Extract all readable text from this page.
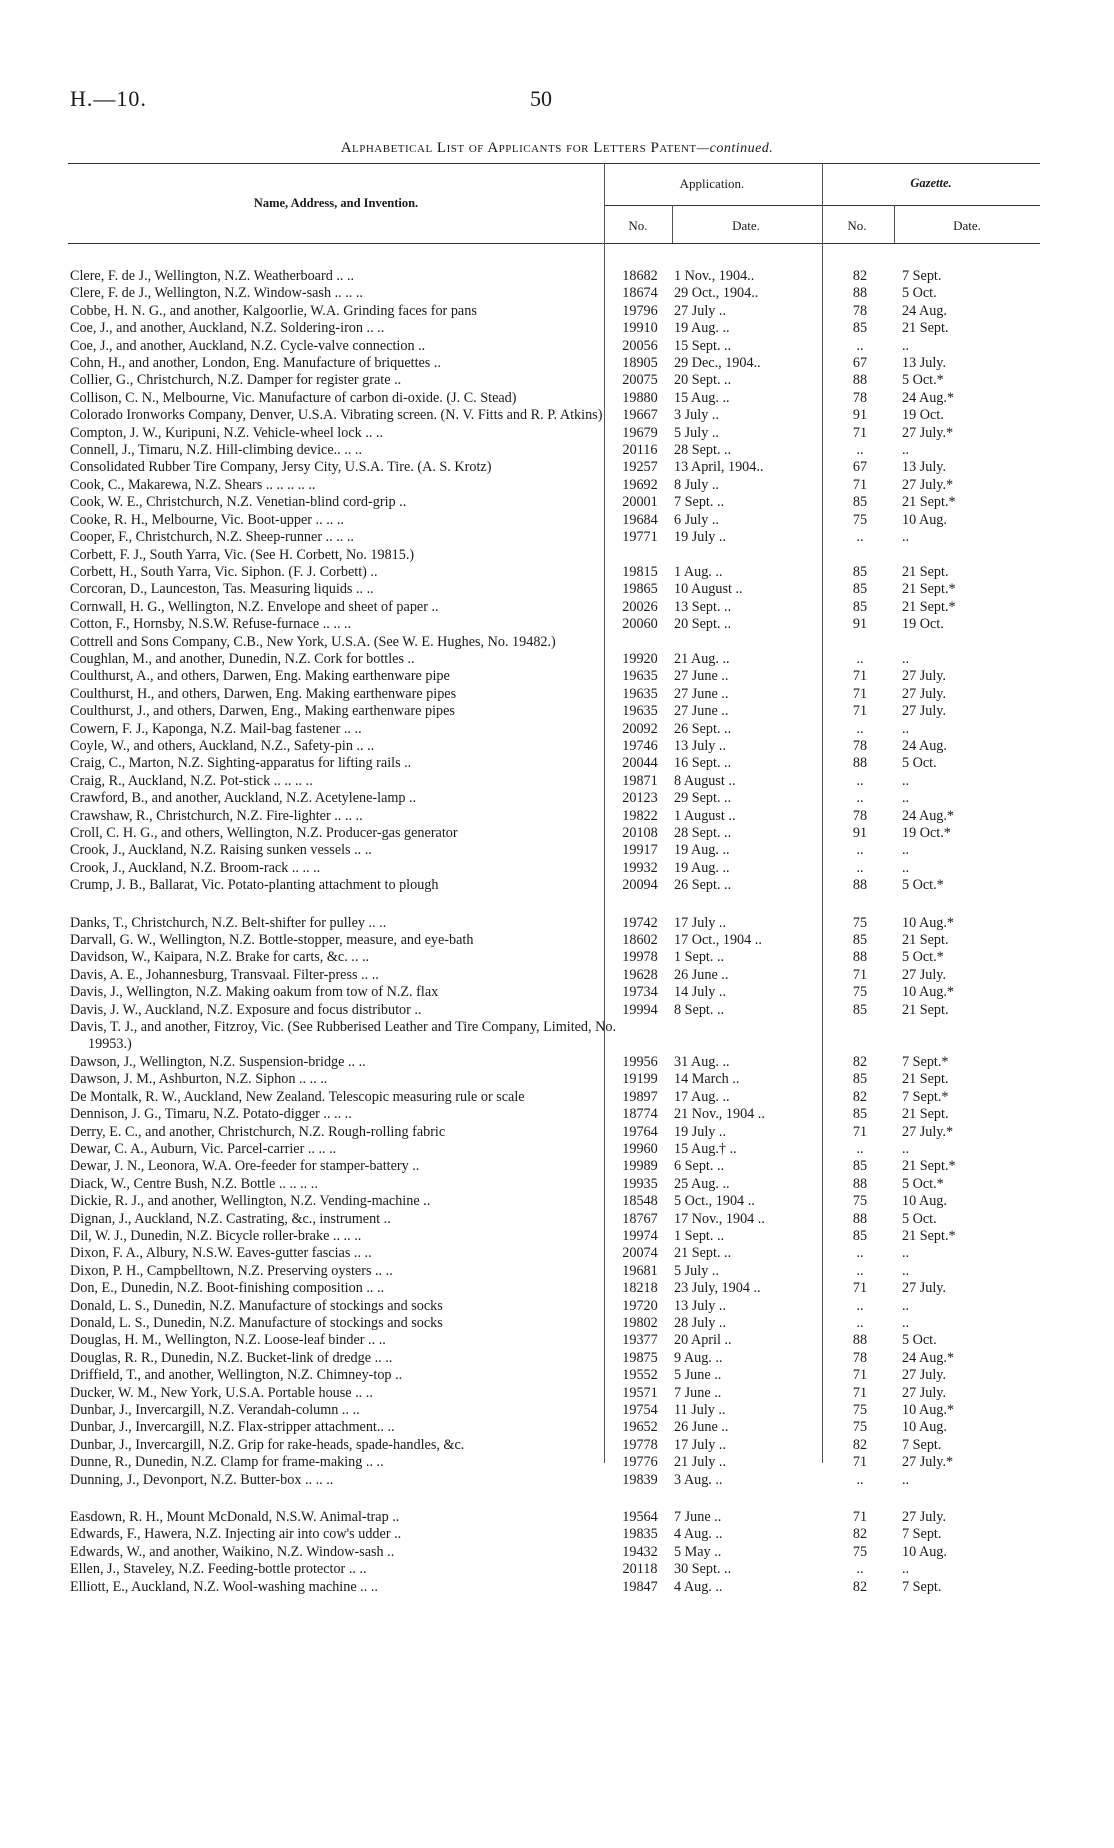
H.—10.	50
Alphabetical List of Applicants for Letters Patent—continued.
Name, Address, and Invention.
Application.	Gazette.
No.	Date.	No.	Date.
Clere, F. de J., Wellington, N.Z. Weatherboard .. ..	18682	1 Nov., 1904..	82	7 Sept.
Clere, F. de J., Wellington, N.Z. Window-sash .. .. ..	18674	29 Oct., 1904..	88	5 Oct.
Cobbe, H. N. G., and another, Kalgoorlie, W.A. Grinding faces for pans	19796	27 July ..	78	24 Aug.
Coe, J., and another, Auckland, N.Z. Soldering-iron .. ..	19910	19 Aug. ..	85	21 Sept.
Coe, J., and another, Auckland, N.Z. Cycle-valve connection ..	20056	15 Sept. ..	..	..
Cohn, H., and another, London, Eng. Manufacture of briquettes ..	18905	29 Dec., 1904..	67	13 July.
Collier, G., Christchurch, N.Z. Damper for register grate ..	20075	20 Sept. ..	88	5 Oct.*
Collison, C. N., Melbourne, Vic. Manufacture of carbon di-oxide. (J. C. Stead)	19880	15 Aug. ..	78	24 Aug.*
Colorado Ironworks Company, Denver, U.S.A. Vibrating screen. (N. V. Fitts and R. P. Atkins)	19667	3 July ..	91	19 Oct.
Compton, J. W., Kuripuni, N.Z. Vehicle-wheel lock .. ..	19679	5 July ..	71	27 July.*
Connell, J., Timaru, N.Z. Hill-climbing device.. .. ..	20116	28 Sept. ..	..	..
Consolidated Rubber Tire Company, Jersy City, U.S.A. Tire. (A. S. Krotz)	19257	13 April, 1904..	67	13 July.
Cook, C., Makarewa, N.Z. Shears .. .. .. .. ..	19692	8 July ..	71	27 July.*
Cook, W. E., Christchurch, N.Z. Venetian-blind cord-grip ..	20001	7 Sept. ..	85	21 Sept.*
Cooke, R. H., Melbourne, Vic. Boot-upper .. .. ..	19684	6 July ..	75	10 Aug.
Cooper, F., Christchurch, N.Z. Sheep-runner .. .. ..	19771	19 July ..	..	..
Corbett, F. J., South Yarra, Vic. (See H. Corbett, No. 19815.)
Corbett, H., South Yarra, Vic. Siphon. (F. J. Corbett) ..	19815	1 Aug. ..	85	21 Sept.
Corcoran, D., Launceston, Tas. Measuring liquids .. ..	19865	10 August ..	85	21 Sept.*
Cornwall, H. G., Wellington, N.Z. Envelope and sheet of paper ..	20026	13 Sept. ..	85	21 Sept.*
Cotton, F., Hornsby, N.S.W. Refuse-furnace .. .. ..	20060	20 Sept. ..	91	19 Oct.
Cottrell and Sons Company, C.B., New York, U.S.A. (See W. E. Hughes, No. 19482.)
Coughlan, M., and another, Dunedin, N.Z. Cork for bottles ..	19920	21 Aug. ..	..	..
Coulthurst, A., and others, Darwen, Eng. Making earthenware pipe	19635	27 June ..	71	27 July.
Coulthurst, H., and others, Darwen, Eng. Making earthenware pipes	19635	27 June ..	71	27 July.
Coulthurst, J., and others, Darwen, Eng., Making earthenware pipes	19635	27 June ..	71	27 July.
Cowern, F. J., Kaponga, N.Z. Mail-bag fastener .. ..	20092	26 Sept. ..	..	..
Coyle, W., and others, Auckland, N.Z., Safety-pin .. ..	19746	13 July ..	78	24 Aug.
Craig, C., Marton, N.Z. Sighting-apparatus for lifting rails ..	20044	16 Sept. ..	88	5 Oct.
Craig, R., Auckland, N.Z. Pot-stick .. .. .. ..	19871	8 August ..	..	..
Crawford, B., and another, Auckland, N.Z. Acetylene-lamp ..	20123	29 Sept. ..	..	..
Crawshaw, R., Christchurch, N.Z. Fire-lighter .. .. ..	19822	1 August ..	78	24 Aug.*
Croll, C. H. G., and others, Wellington, N.Z. Producer-gas generator	20108	28 Sept. ..	91	19 Oct.*
Crook, J., Auckland, N.Z. Raising sunken vessels .. ..	19917	19 Aug. ..	..	..
Crook, J., Auckland, N.Z. Broom-rack .. .. ..	19932	19 Aug. ..	..	..
Crump, J. B., Ballarat, Vic. Potato-planting attachment to plough	20094	26 Sept. ..	88	5 Oct.*
Danks, T., Christchurch, N.Z. Belt-shifter for pulley .. ..	19742	17 July ..	75	10 Aug.*
Darvall, G. W., Wellington, N.Z. Bottle-stopper, measure, and eye-bath	18602	17 Oct., 1904 ..	85	21 Sept.
Davidson, W., Kaipara, N.Z. Brake for carts, &c. .. ..	19978	1 Sept. ..	88	5 Oct.*
Davis, A. E., Johannesburg, Transvaal. Filter-press .. ..	19628	26 June ..	71	27 July.
Davis, J., Wellington, N.Z. Making oakum from tow of N.Z. flax	19734	14 July ..	75	10 Aug.*
Davis, J. W., Auckland, N.Z. Exposure and focus distributor ..	19994	8 Sept. ..	85	21 Sept.
Davis, T. J., and another, Fitzroy, Vic. (See Rubberised Leather and Tire Company, Limited, No. 19953.)
Dawson, J., Wellington, N.Z. Suspension-bridge .. ..	19956	31 Aug. ..	82	7 Sept.*
Dawson, J. M., Ashburton, N.Z. Siphon .. .. ..	19199	14 March ..	85	21 Sept.
De Montalk, R. W., Auckland, New Zealand. Telescopic measuring rule or scale	19897	17 Aug. ..	82	7 Sept.*
Dennison, J. G., Timaru, N.Z. Potato-digger .. .. ..	18774	21 Nov., 1904 ..	85	21 Sept.
Derry, E. C., and another, Christchurch, N.Z. Rough-rolling fabric	19764	19 July ..	71	27 July.*
Dewar, C. A., Auburn, Vic. Parcel-carrier .. .. ..	19960	15 Aug.† ..	..	..
Dewar, J. N., Leonora, W.A. Ore-feeder for stamper-battery ..	19989	6 Sept. ..	85	21 Sept.*
Diack, W., Centre Bush, N.Z. Bottle .. .. .. ..	19935	25 Aug. ..	88	5 Oct.*
Dickie, R. J., and another, Wellington, N.Z. Vending-machine ..	18548	5 Oct., 1904 ..	75	10 Aug.
Dignan, J., Auckland, N.Z. Castrating, &c., instrument ..	18767	17 Nov., 1904 ..	88	5 Oct.
Dil, W. J., Dunedin, N.Z. Bicycle roller-brake .. .. ..	19974	1 Sept. ..	85	21 Sept.*
Dixon, F. A., Albury, N.S.W. Eaves-gutter fascias .. ..	20074	21 Sept. ..	..	..
Dixon, P. H., Campbelltown, N.Z. Preserving oysters .. ..	19681	5 July ..	..	..
Don, E., Dunedin, N.Z. Boot-finishing composition .. ..	18218	23 July, 1904 ..	71	27 July.
Donald, L. S., Dunedin, N.Z. Manufacture of stockings and socks	19720	13 July ..	..	..
Donald, L. S., Dunedin, N.Z. Manufacture of stockings and socks	19802	28 July ..	..	..
Douglas, H. M., Wellington, N.Z. Loose-leaf binder .. ..	19377	20 April ..	88	5 Oct.
Douglas, R. R., Dunedin, N.Z. Bucket-link of dredge .. ..	19875	9 Aug. ..	78	24 Aug.*
Driffield, T., and another, Wellington, N.Z. Chimney-top ..	19552	5 June ..	71	27 July.
Ducker, W. M., New York, U.S.A. Portable house .. ..	19571	7 June ..	71	27 July.
Dunbar, J., Invercargill, N.Z. Verandah-column .. ..	19754	11 July ..	75	10 Aug.*
Dunbar, J., Invercargill, N.Z. Flax-stripper attachment.. ..	19652	26 June ..	75	10 Aug.
Dunbar, J., Invercargill, N.Z. Grip for rake-heads, spade-handles, &c.	19778	17 July ..	82	7 Sept.
Dunne, R., Dunedin, N.Z. Clamp for frame-making .. ..	19776	21 July ..	71	27 July.*
Dunning, J., Devonport, N.Z. Butter-box .. .. ..	19839	3 Aug. ..	..	..
Easdown, R. H., Mount McDonald, N.S.W. Animal-trap ..	19564	7 June ..	71	27 July.
Edwards, F., Hawera, N.Z. Injecting air into cow's udder ..	19835	4 Aug. ..	82	7 Sept.
Edwards, W., and another, Waikino, N.Z. Window-sash ..	19432	5 May ..	75	10 Aug.
Ellen, J., Staveley, N.Z. Feeding-bottle protector .. ..	20118	30 Sept. ..	..	..
Elliott, E., Auckland, N.Z. Wool-washing machine .. ..	19847	4 Aug. ..	82	7 Sept.
